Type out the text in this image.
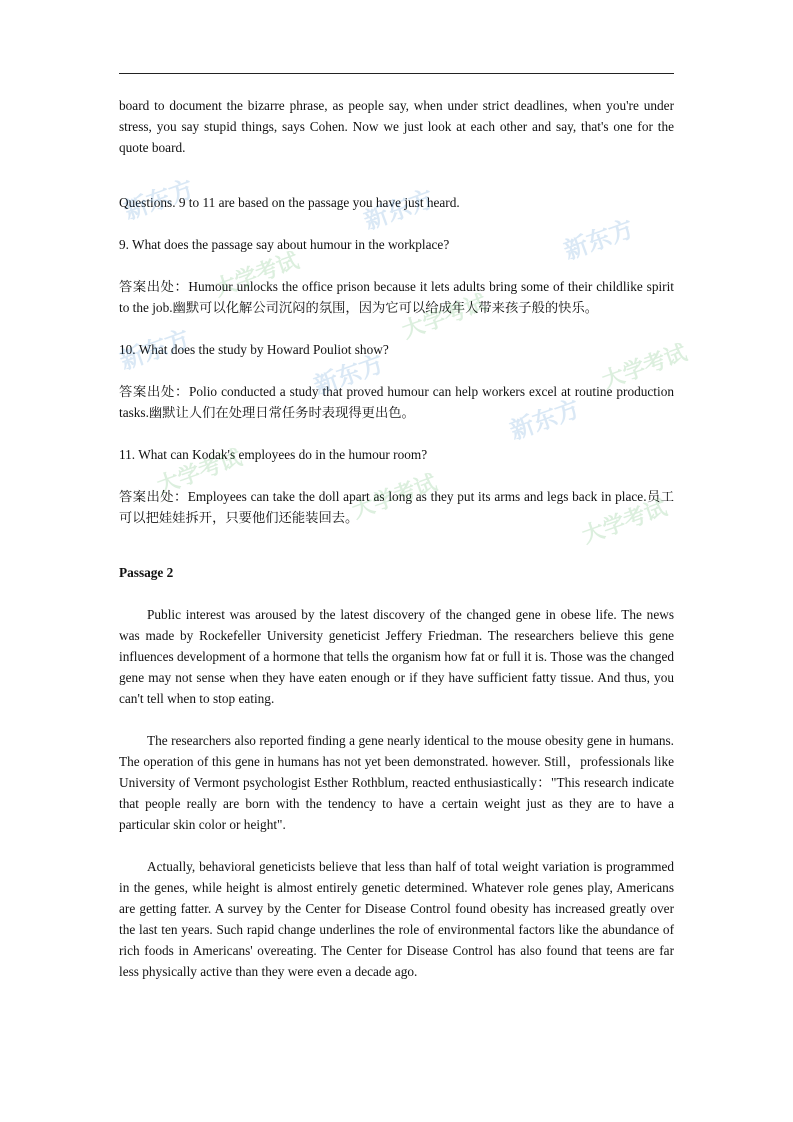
board to document the bizarre phrase, as people say, when under strict deadlines, when you're under stress, you say stupid things, says Cohen. Now we just look at each other and say, that's one for the quote board.

Questions. 9 to 11 are based on the passage you have just heard.

9. What does the passage say about humour in the workplace?

答案出处：Humour unlocks the office prison because it lets adults bring some of their childlike spirit to the job.幽默可以化解公司沉闷的氛围，因为它可以给成年人带来孩子般的快乐。

10. What does the study by Howard Pouliot show?

答案出处：Polio conducted a study that proved humour can help workers excel at routine production tasks.幽默让人们在处理日常任务时表现得更出色。

11. What can Kodak's employees do in the humour room?

答案出处：Employees can take the doll apart as long as they put its arms and legs back in place.员工可以把娃娃拆开，只要他们还能装回去。

Passage 2

Public interest was aroused by the latest discovery of the changed gene in obese life. The news was made by Rockefeller University geneticist Jeffery Friedman. The researchers believe this gene influences development of a hormone that tells the organism how fat or full it is. Those was the changed gene may not sense when they have eaten enough or if they have sufficient fatty tissue. And thus, you can't tell when to stop eating.

The researchers also reported finding a gene nearly identical to the mouse obesity gene in humans. The operation of this gene in humans has not yet been demonstrated. however. Still，professionals like University of Vermont psychologist Esther Rothblum, reacted enthusiastically："This research indicate that people really are born with the tendency to have a certain weight just as they are to have a particular skin color or height".

Actually, behavioral geneticists believe that less than half of total weight variation is programmed in the genes, while height is almost entirely genetic determined. Whatever role genes play, Americans are getting fatter. A survey by the Center for Disease Control found obesity has increased greatly over the last ten years. Such rapid change underlines the role of environmental factors like the abundance of rich foods in Americans' overeating. The Center for Disease Control has also found that teens are far less physically active than they were even a decade ago.

新东方
大学考试
新东方
新东方
大学考试
新东方	新东方	大学考试
新东方
大学考试	大学考试	大学考试
